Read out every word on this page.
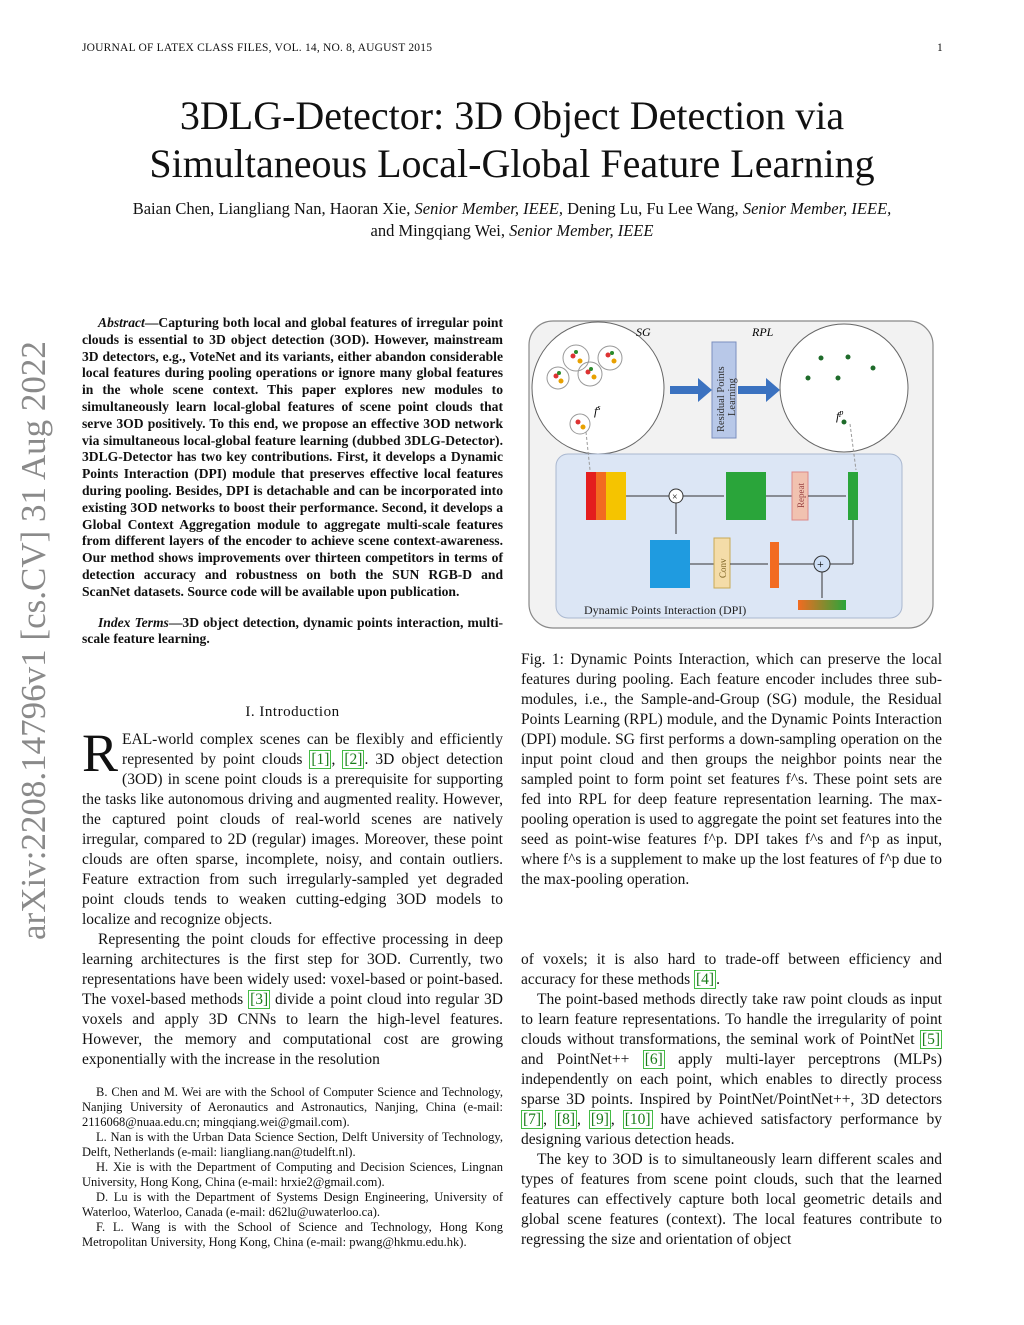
JOURNAL OF LATEX CLASS FILES, VOL. 14, NO. 8, AUGUST 2015	1
3DLG-Detector: 3D Object Detection via
Simultaneous Local-Global Feature Learning
Baian Chen, Liangliang Nan, Haoran Xie, Senior Member, IEEE, Dening Lu, Fu Lee Wang, Senior Member, IEEE, and Mingqiang Wei, Senior Member, IEEE
arXiv:2208.14796v1 [cs.CV] 31 Aug 2022

Abstract—Capturing both local and global features of irregular point clouds is essential to 3D object detection (3OD). However, mainstream 3D detectors, e.g., VoteNet and its variants, either abandon considerable local features during pooling operations or ignore many global features in the whole scene context. This paper explores new modules to simultaneously learn local-global features of scene point clouds that serve 3OD positively. To this end, we propose an effective 3OD network via simultaneous local-global feature learning (dubbed 3DLG-Detector). 3DLG-Detector has two key contributions. First, it develops a Dynamic Points Interaction (DPI) module that preserves effective local features during pooling. Besides, DPI is detachable and can be incorporated into existing 3OD networks to boost their performance. Second, it develops a Global Context Aggregation module to aggregate multi-scale features from different layers of the encoder to achieve scene context-awareness. Our method shows improvements over thirteen competitors in terms of detection accuracy and robustness on both the SUN RGB-D and ScanNet datasets. Source code will be available upon publication.

Index Terms—3D object detection, dynamic points interaction, multi-scale feature learning.

I. Introduction

REAL-world complex scenes can be flexibly and efficiently represented by point clouds [1] , [2] . 3D object detection (3OD) in scene point clouds is a prerequisite for supporting the tasks like autonomous driving and augmented reality. However, the captured point clouds of real-world scenes are natively irregular, compared to 2D (regular) images. Moreover, these point clouds are often sparse, incomplete, noisy, and contain outliers. Feature extraction from such irregularly-sampled yet degraded point clouds tends to weaken cutting-edging 3OD models to localize and recognize objects.

Representing the point clouds for effective processing in deep learning architectures is the first step for 3OD. Currently, two representations have been widely used: voxel-based or point-based. The voxel-based methods [3] divide a point cloud into regular 3D voxels and apply 3D CNNs to learn the high-level features. However, the memory and computational cost are growing exponentially with the increase in the resolution

B. Chen and M. Wei are with the School of Computer Science and Technology, Nanjing University of Aeronautics and Astronautics, Nanjing, China (e-mail: 2116068@nuaa.edu.cn; mingqiang.wei@gmail.com).

L. Nan is with the Urban Data Science Section, Delft University of Technology, Delft, Netherlands (e-mail: liangliang.nan@tudelft.nl).

H. Xie is with the Department of Computing and Decision Sciences, Lingnan University, Hong Kong, China (e-mail: hrxie2@gmail.com).

D. Lu is with the Department of Systems Design Engineering, University of Waterloo, Waterloo, Canada (e-mail: d62lu@uwaterloo.ca).

F. L. Wang is with the School of Science and Technology, Hong Kong Metropolitan University, Hong Kong, China (e-mail: pwang@hkmu.edu.hk).

SG
$f^s$	Residual Points Learning
RPL
$f^p$
×	Repeat
Conv	+
Dynamic Points Interaction (DPI)
Fig. 1: Dynamic Points Interaction, which can preserve the local features during pooling. Each feature encoder includes three sub-modules, i.e., the Sample-and-Group (SG) module, the Residual Points Learning (RPL) module, and the Dynamic Points Interaction (DPI) module. SG first performs a down-sampling operation on the input point cloud and then groups the neighbor points near the sampled point to form point set features f^s. These point sets are fed into RPL for deep feature representation learning. The max-pooling operation is used to aggregate the point set features into the seed as point-wise features f^p. DPI takes f^s and f^p as input, where f^s is a supplement to make up the lost features of f^p due to the max-pooling operation.

of voxels; it is also hard to trade-off between efficiency and accuracy for these methods [4] .

The point-based methods directly take raw point clouds as input to learn feature representations. To handle the irregularity of point clouds without transformations, the seminal work of PointNet [5] and PointNet++ [6] apply multi-layer perceptrons (MLPs) independently on each point, which enables to directly process sparse 3D points. Inspired by PointNet/PointNet++, 3D detectors [7] , [8] , [9] , [10] have achieved satisfactory performance by designing various detection heads.

The key to 3OD is to simultaneously learn different scales and types of features from scene point clouds, such that the learned features can effectively capture both local geometric details and global scene features (context). The local features contribute to regressing the size and orientation of object
